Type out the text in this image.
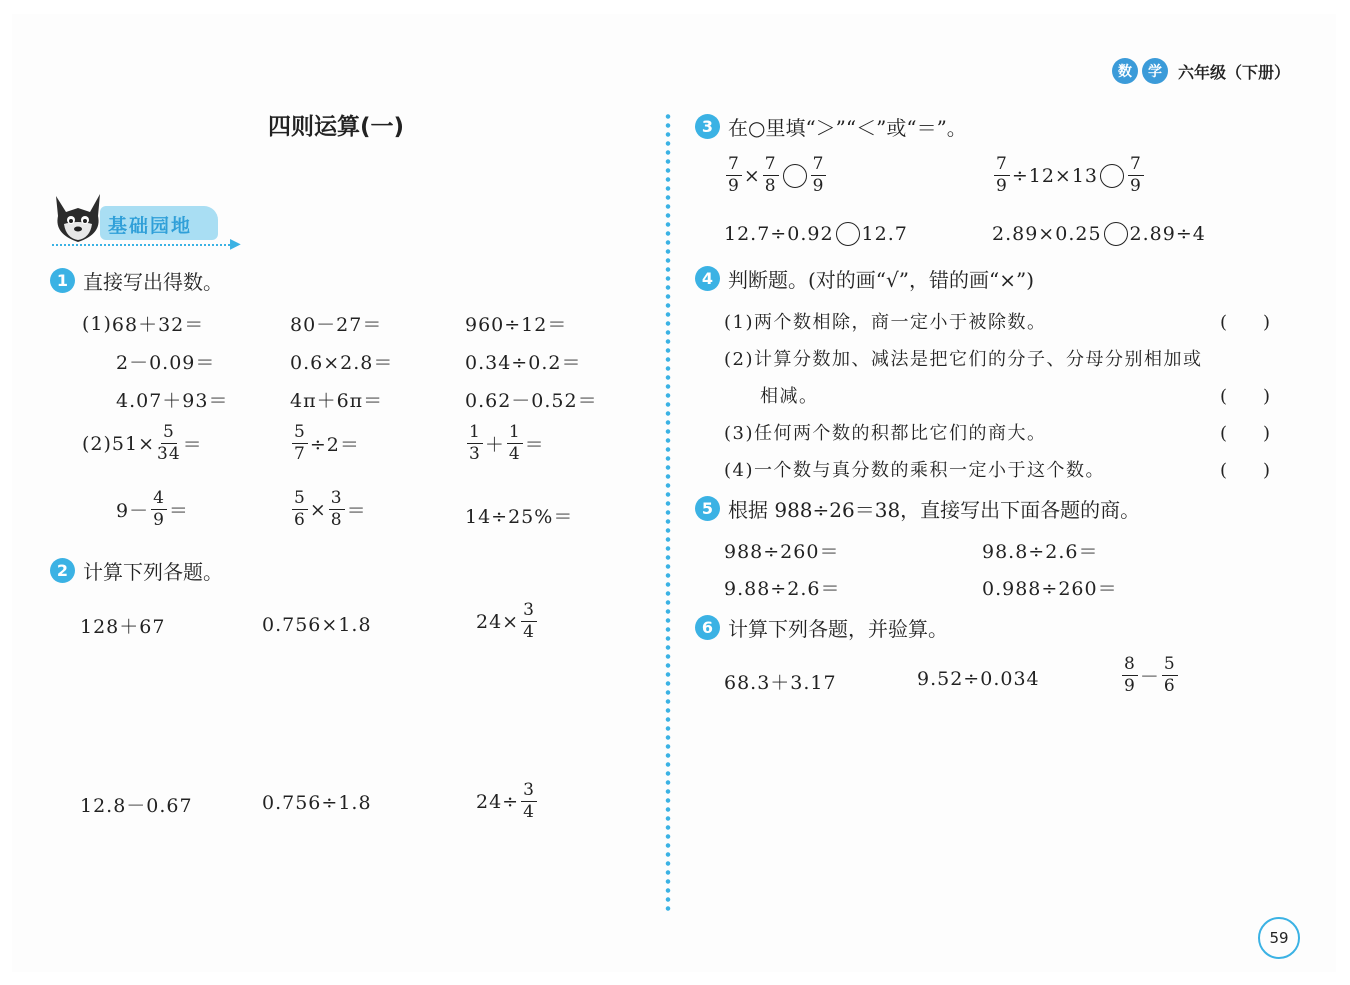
数	学	六年级（下册）
四则运算(一)
基础园地
▶
1 直接写出得数。
(1) 68＋32＝	80－27＝	960÷12＝
2－0.09＝	0.6×2.8＝	0.34÷0.2＝
4.07＋93＝	4π＋6π＝	0.62－0.52＝
(2) $51\times \frac{5}{34}$ ＝	$\frac{5}{7} \div 2=$	$\frac{1}{3} + \frac{1}{4}$ ＝
$9- \frac{4}{9}$ ＝	$\frac{5}{6} \times \frac{3}{8}$ ＝	14÷25%＝
2 计算下列各题。
128＋67	0.756×1.8	$24\times \frac{3}{4}$
12.8－0.67	0.756÷1.8	$24\div \frac{3}{4}$
3 在○里填“＞”“＜”或“＝”。
$\frac{7}{9} \times \frac{7}{8} \frac{7}{9}$	$\frac{7}{9} \div 12\times 13 \frac{7}{9}$
12.7÷0.92 12.7	2.89×0.25 2.89÷4
4 判断题。(对的画“√”，错的画“×”)
(1)两个数相除，商一定小于被除数。	(　　)
(2)计算分数加、减法是把它们的分子、分母分别相加或
相减。	(　　)
(3)任何两个数的积都比它们的商大。	(　　)
(4)一个数与真分数的乘积一定小于这个数。	(　　)
5 根据 988÷26＝38，直接写出下面各题的商。
988÷260＝	98.8÷2.6＝
9.88÷2.6＝	0.988÷260＝
6 计算下列各题，并验算。
68.3＋3.17	9.52÷0.034	$\frac{8}{9} - \frac{5}{6}$
59
